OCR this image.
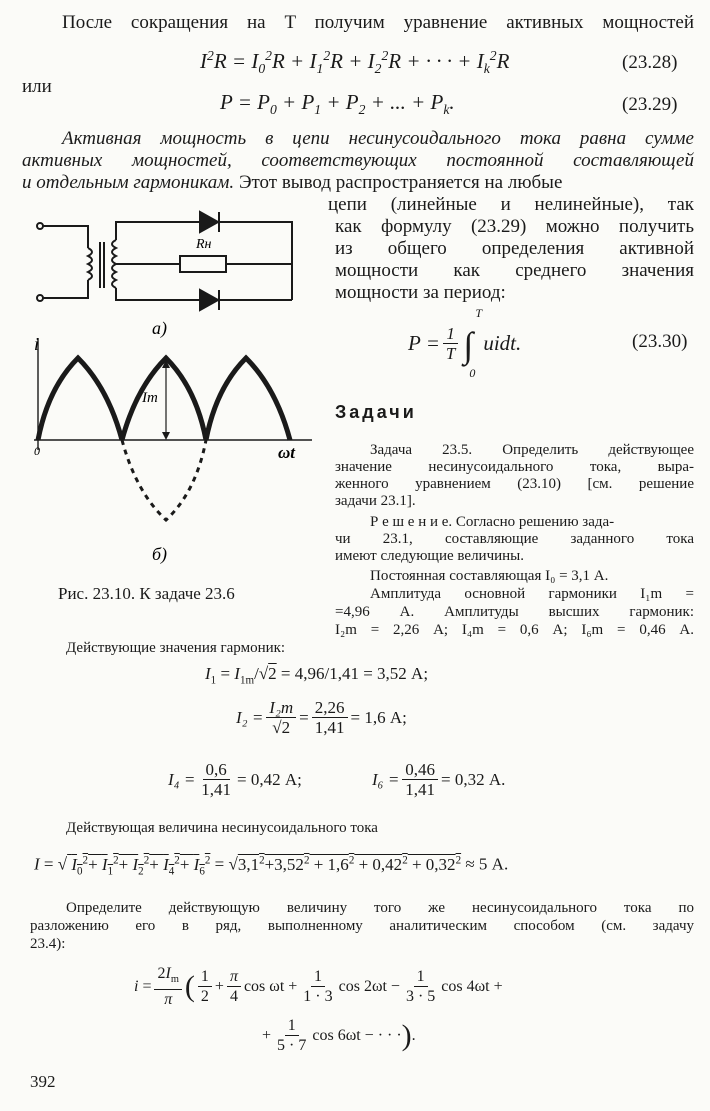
После сокращения на T получим уравнение активных мощностей
$I^2R = I_0^2R + I_1^2R + I_2^2R$ + · · · + $I_k^2R$	(23.28)
или
$P = P_0 + P_1 + P_2$ + ... + $P_k$.	(23.29)
Активная мощность в цепи несинусоидального тока равна сумме
активных мощностей, соответствующих постоянной составляющей
и отдельным гармоникам. Этот вывод распространяется на любые
цепи (линейные и нелинейные), так
как формулу (23.29) можно получить
из общего определения активной
мощности как среднего значения
мощности за период:
$P = \frac{1}{T}$ ∫
T
0
uidt.	(23.30)
Rн
а)
i
ωt
0
Im
б)
Рис. 23.10. К задаче 23.6
Задачи
Задача 23.5. Определить действующее
значение несинусоидального тока, выра-
женного уравнением (23.10) [см. решение
задачи 23.1].
Р е ш е н и е. Согласно решению зада-
чи 23.1, составляющие заданного тока
имеют следующие величины.
Постоянная составляющая I₀ = 3,1 А.
Амплитуда основной гармоники I₁m =
=4,96 А. Амплитуды высших гармоник:
I₂m = 2,26 А; I₄m = 0,6 А; I₆m = 0,46 А.
Действующие значения гармоник:
$I_1 = I_{1m}/√2 = 4,96/1,41 = 3,52$ А;
$I_2 = \frac{\text{I₂m}}{√2} = \frac{2,26}{1,41} = 1,6$ А;
$I_4 = \frac{0,6}{1,41} = 0,42$ А;	$I_6 = \frac{0,46}{1,41} = 0,32$ А.
Действующая величина несинусоидального тока
I = √ $I_0^2+ I_1^2+ I_2^2+ I_4^2+ I_6^2 = √3,1^2+3,52^2 + 1,6^2 + 0,42^2 + 0,32^2 \approx 5$ А.
Определите действующую величину того же несинусоидального тока по
разложению его в ряд, выполненному аналитическим способом (см. задачу
23.4):
$i = \frac{2I_m}{\pi}$ ( $\frac{1}{2} + \frac{\pi}{4}$ $\cos \omega t + \frac{1}{1 \cdot 3}$ $\cos 2\omega t - \frac{1}{3 \cdot 5}$ cos 4ωt +
+ $\frac{1}{5 \cdot 7}$ cos 6ωt − · · · ) .
392
